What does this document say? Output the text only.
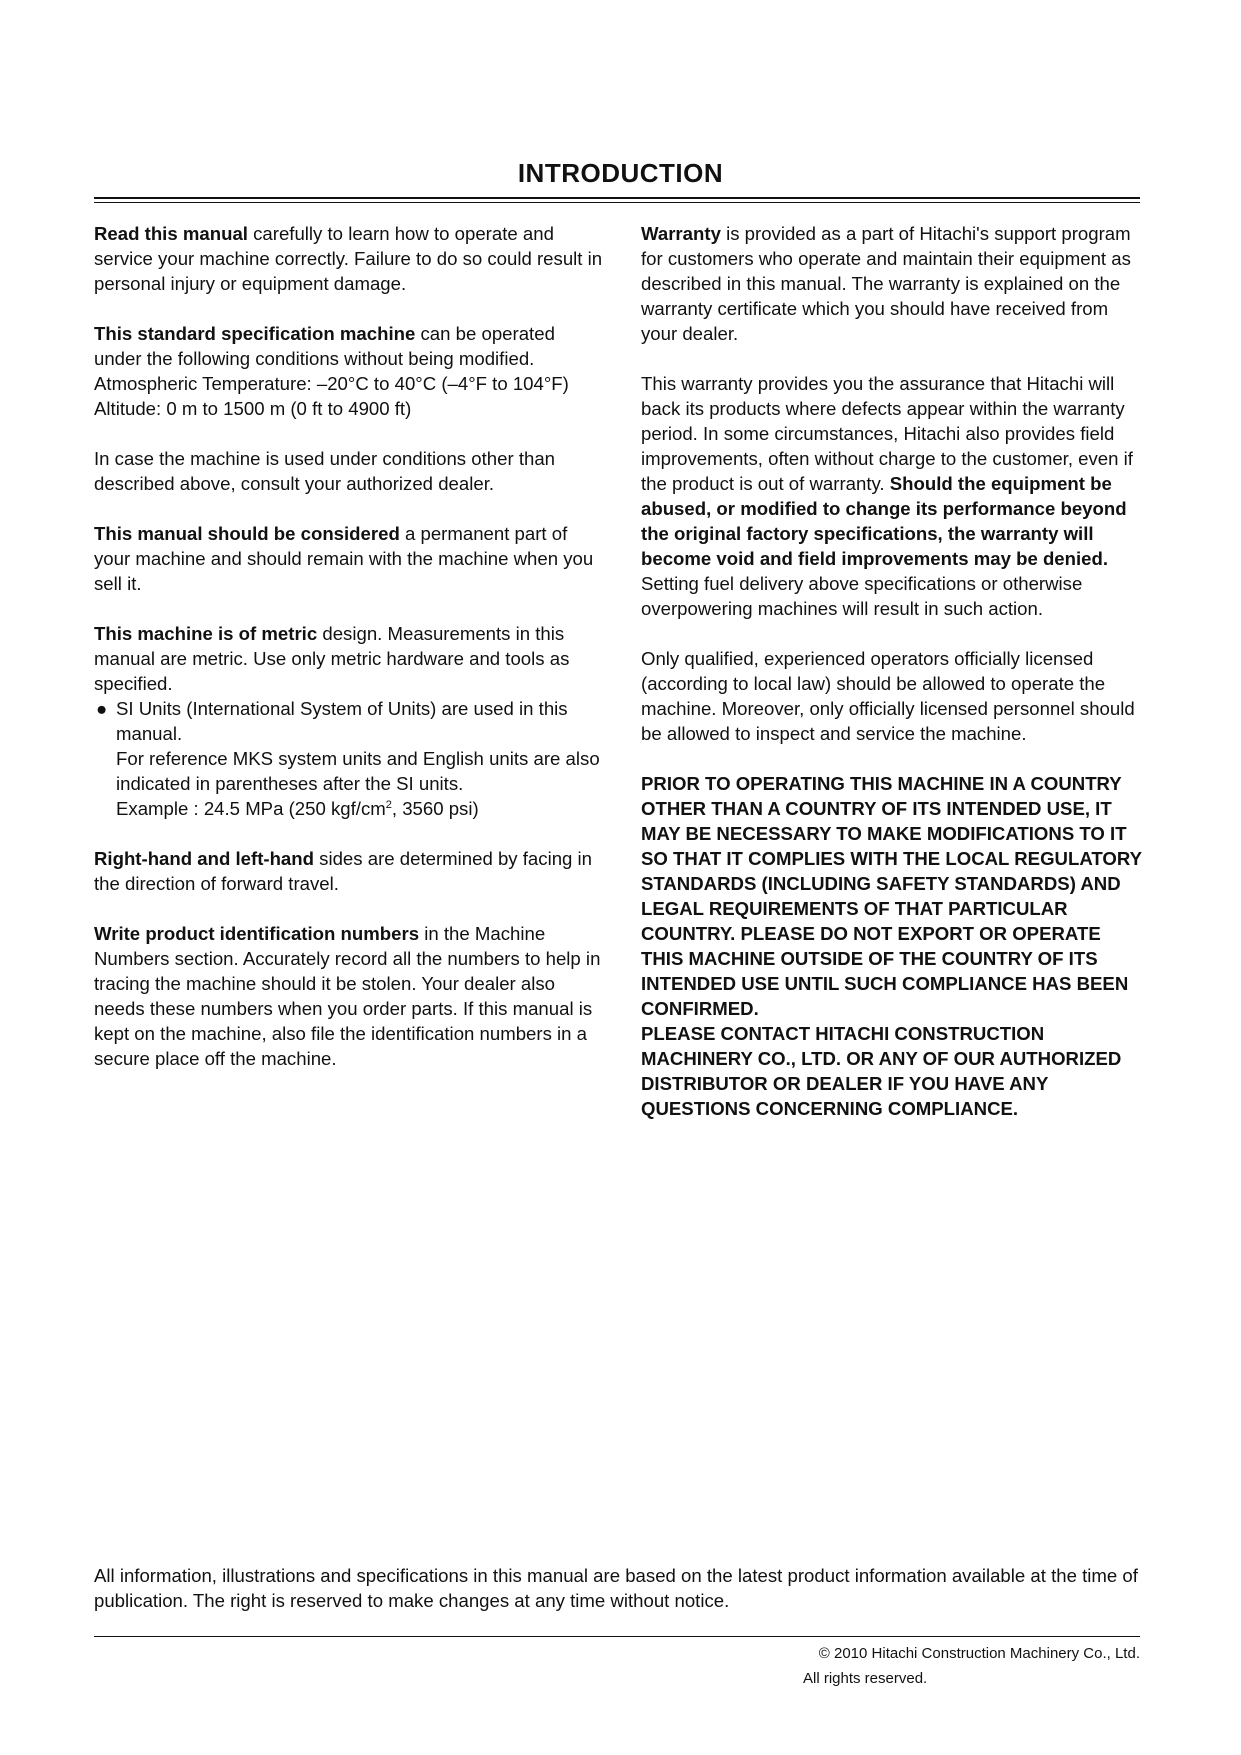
INTRODUCTION

Read this manual carefully to learn how to operate and service your machine correctly. Failure to do so could result in personal injury or equipment damage.

This standard specification machine can be operated under the following conditions without being modified.
Atmospheric Temperature: –20°C to 40°C (–4°F to 104°F)
Altitude: 0 m to 1500 m (0 ft to 4900 ft)

In case the machine is used under conditions other than described above, consult your authorized dealer.

This manual should be considered a permanent part of your machine and should remain with the machine when you sell it.

This machine is of metric design. Measurements in this manual are metric. Use only metric hardware and tools as specified.

● SI Units (International System of Units) are used in this manual.
For reference MKS system units and English units are also indicated in parentheses after the SI units.
Example : 24.5 MPa (250 kgf/$cm^2$, 3560 psi)

Right-hand and left-hand sides are determined by facing in the direction of forward travel.

Write product identification numbers in the Machine Numbers section. Accurately record all the numbers to help in tracing the machine should it be stolen. Your dealer also needs these numbers when you order parts. If this manual is kept on the machine, also file the identification numbers in a secure place off the machine.

Warranty is provided as a part of Hitachi's support program for customers who operate and maintain their equipment as described in this manual. The warranty is explained on the warranty certificate which you should have received from your dealer.

This warranty provides you the assurance that Hitachi will back its products where defects appear within the warranty period. In some circumstances, Hitachi also provides field improvements, often without charge to the customer, even if the product is out of warranty. Should the equipment be abused, or modified to change its performance beyond the original factory specifications, the warranty will become void and field improvements may be denied. Setting fuel delivery above specifications or otherwise overpowering machines will result in such action.

Only qualified, experienced operators officially licensed (according to local law) should be allowed to operate the machine. Moreover, only officially licensed personnel should be allowed to inspect and service the machine.

PRIOR TO OPERATING THIS MACHINE IN A COUNTRY OTHER THAN A COUNTRY OF ITS INTENDED USE, IT MAY BE NECESSARY TO MAKE MODIFICATIONS TO IT SO THAT IT COMPLIES WITH THE LOCAL REGULATORY STANDARDS (INCLUDING SAFETY STANDARDS) AND LEGAL REQUIREMENTS OF THAT PARTICULAR COUNTRY. PLEASE DO NOT EXPORT OR OPERATE THIS MACHINE OUTSIDE OF THE COUNTRY OF ITS INTENDED USE UNTIL SUCH COMPLIANCE HAS BEEN CONFIRMED.

PLEASE CONTACT HITACHI CONSTRUCTION MACHINERY CO., LTD. OR ANY OF OUR AUTHORIZED DISTRIBUTOR OR DEALER IF YOU HAVE ANY QUESTIONS CONCERNING COMPLIANCE.

All information, illustrations and specifications in this manual are based on the latest product information available at the time of publication. The right is reserved to make changes at any time without notice.

© 2010 Hitachi Construction Machinery Co., Ltd.

All rights reserved.
